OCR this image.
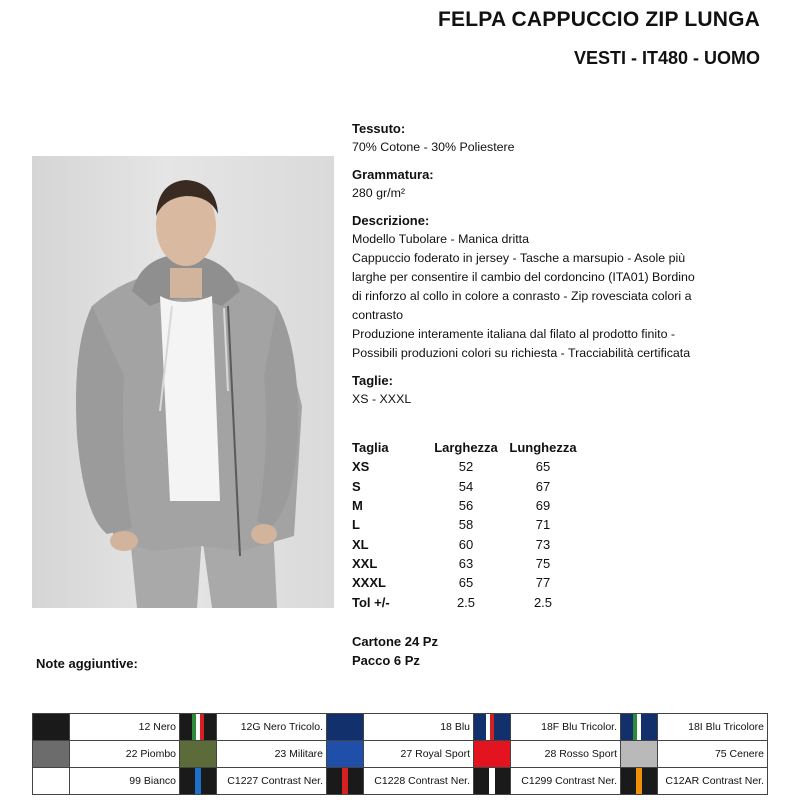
FELPA CAPPUCCIO ZIP LUNGA
VESTI - IT480 - UOMO
Tessuto:
70% Cotone - 30% Poliestere
Grammatura:
280 gr/m²
Descrizione:
Modello Tubolare - Manica dritta
Cappuccio foderato in jersey - Tasche a marsupio - Asole più
larghe per consentire il cambio del cordoncino (ITA01) Bordino
di rinforzo al collo in colore a conrasto - Zip rovesciata colori a
contrasto
Produzione interamente italiana dal filato al prodotto finito -
Possibili produzioni colori su richiesta - Tracciabilità certificata
Taglie:
XS - XXXL
Taglia	Larghezza	Lunghezza
XS	52	65
S	54	67
M	56	69
L	58	71
XL	60	73
XXL	63	75
XXXL	65	77
Tol +/-	2.5	2.5
Cartone 24 Pz
Pacco 6 Pz
Note aggiuntive:
	12 Nero		12G Nero Tricolo.		18 Blu		18F Blu Tricolor.		18I Blu Tricolore

	22 Piombo		23 Militare		27 Royal Sport		28 Rosso Sport		75 Cenere

	99 Bianco		C1227 Contrast Ner.		C1228 Contrast Ner.		C1299 Contrast Ner.		C12AR Contrast Ner.
